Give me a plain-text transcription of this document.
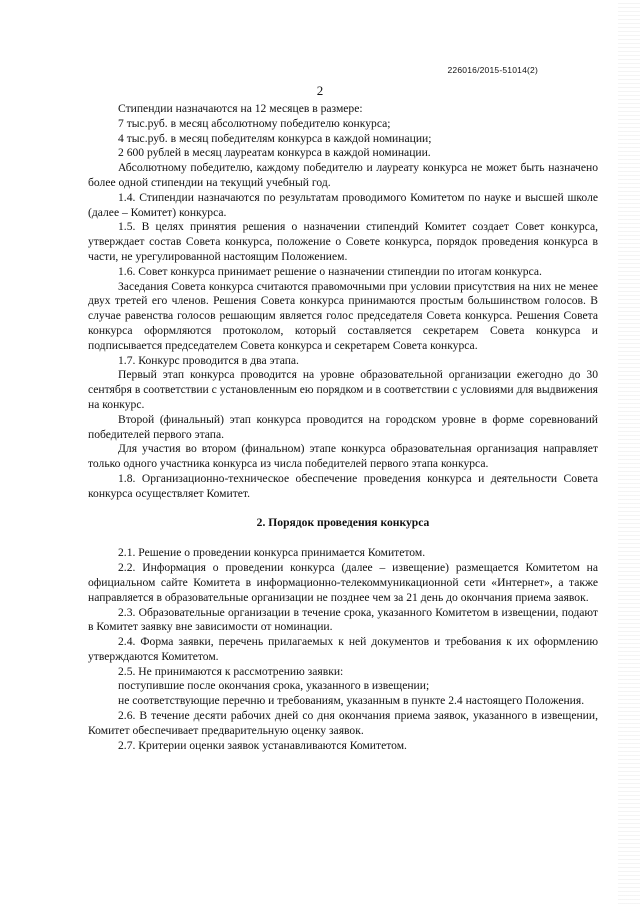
226016/2015-51014(2)
2

Стипендии назначаются на 12 месяцев в размере:

7 тыс.руб. в месяц абсолютному победителю конкурса;

4 тыс.руб. в месяц победителям конкурса в каждой номинации;

2 600 рублей в месяц лауреатам конкурса в каждой номинации.

Абсолютному победителю, каждому победителю и лауреату конкурса не может быть назначено более одной стипендии на текущий учебный год.

1.4. Стипендии назначаются по результатам проводимого Комитетом по науке и высшей школе (далее – Комитет) конкурса.

1.5. В целях принятия решения о назначении стипендий Комитет создает Совет конкурса, утверждает состав Совета конкурса, положение о Совете конкурса, порядок проведения конкурса в части, не урегулированной настоящим Положением.

1.6. Совет конкурса принимает решение о назначении стипендии по итогам конкурса.

Заседания Совета конкурса считаются правомочными при условии присутствия на них не менее двух третей его членов. Решения Совета конкурса принимаются простым большинством голосов. В случае равенства голосов решающим является голос председателя Совета конкурса. Решения Совета конкурса оформляются протоколом, который составляется секретарем Совета конкурса и подписывается председателем Совета конкурса и секретарем Совета конкурса.

1.7. Конкурс проводится в два этапа.

Первый этап конкурса проводится на уровне образовательной организации ежегодно до 30 сентября в соответствии с установленным ею порядком и в соответствии с условиями для выдвижения на конкурс.

Второй (финальный) этап конкурса проводится на городском уровне в форме соревнований победителей первого этапа.

Для участия во втором (финальном) этапе конкурса образовательная организация направляет только одного участника конкурса из числа победителей первого этапа конкурса.

1.8. Организационно-техническое обеспечение проведения конкурса и деятельности Совета конкурса осуществляет Комитет.

2. Порядок проведения конкурса

2.1. Решение о проведении конкурса принимается Комитетом.

2.2. Информация о проведении конкурса (далее – извещение) размещается Комитетом на официальном сайте Комитета в информационно-телекоммуникационной сети «Интернет», а также направляется в образовательные организации не позднее чем за 21 день до окончания приема заявок.

2.3. Образовательные организации в течение срока, указанного Комитетом в извещении, подают в Комитет заявку вне зависимости от номинации.

2.4. Форма заявки, перечень прилагаемых к ней документов и требования к их оформлению утверждаются Комитетом.

2.5. Не принимаются к рассмотрению заявки:

поступившие после окончания срока, указанного в извещении;

не соответствующие перечню и требованиям, указанным в пункте 2.4 настоящего Положения.

2.6. В течение десяти рабочих дней со дня окончания приема заявок, указанного в извещении, Комитет обеспечивает предварительную оценку заявок.

2.7. Критерии оценки заявок устанавливаются Комитетом.
